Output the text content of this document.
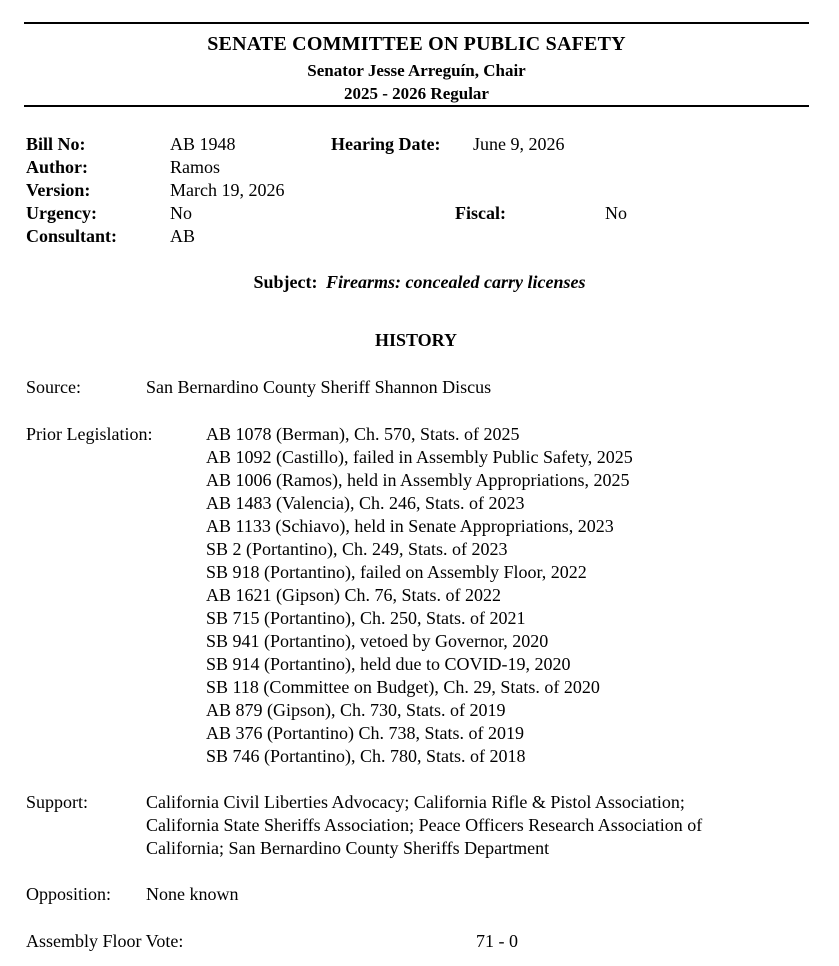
SENATE COMMITTEE ON PUBLIC SAFETY
Senator Jesse Arreguín, Chair
2025 - 2026 Regular
Bill No:	AB 1948	Hearing Date: June 9, 2026
Author:	Ramos
Version:	March 19, 2026
Urgency:	No	Fiscal:	No
Consultant:	AB
Subject: Firearms: concealed carry licenses
HISTORY
Source:	San Bernardino County Sheriff Shannon Discus
Prior Legislation:	AB 1078 (Berman), Ch. 570, Stats. of 2025
AB 1092 (Castillo), failed in Assembly Public Safety, 2025
AB 1006 (Ramos), held in Assembly Appropriations, 2025
AB 1483 (Valencia), Ch. 246, Stats. of 2023
AB 1133 (Schiavo), held in Senate Appropriations, 2023
SB 2 (Portantino), Ch. 249, Stats. of 2023
SB 918 (Portantino), failed on Assembly Floor, 2022
AB 1621 (Gipson) Ch. 76, Stats. of 2022
SB 715 (Portantino), Ch. 250, Stats. of 2021
SB 941 (Portantino), vetoed by Governor, 2020
SB 914 (Portantino), held due to COVID-19, 2020
SB 118 (Committee on Budget), Ch. 29, Stats. of 2020
AB 879 (Gipson), Ch. 730, Stats. of 2019
AB 376 (Portantino) Ch. 738, Stats. of 2019
SB 746 (Portantino), Ch. 780, Stats. of 2018
Support:	California Civil Liberties Advocacy; California Rifle & Pistol Association;
California State Sheriffs Association; Peace Officers Research Association of
California; San Bernardino County Sheriffs Department
Opposition: None known
Assembly Floor Vote:	71 - 0
